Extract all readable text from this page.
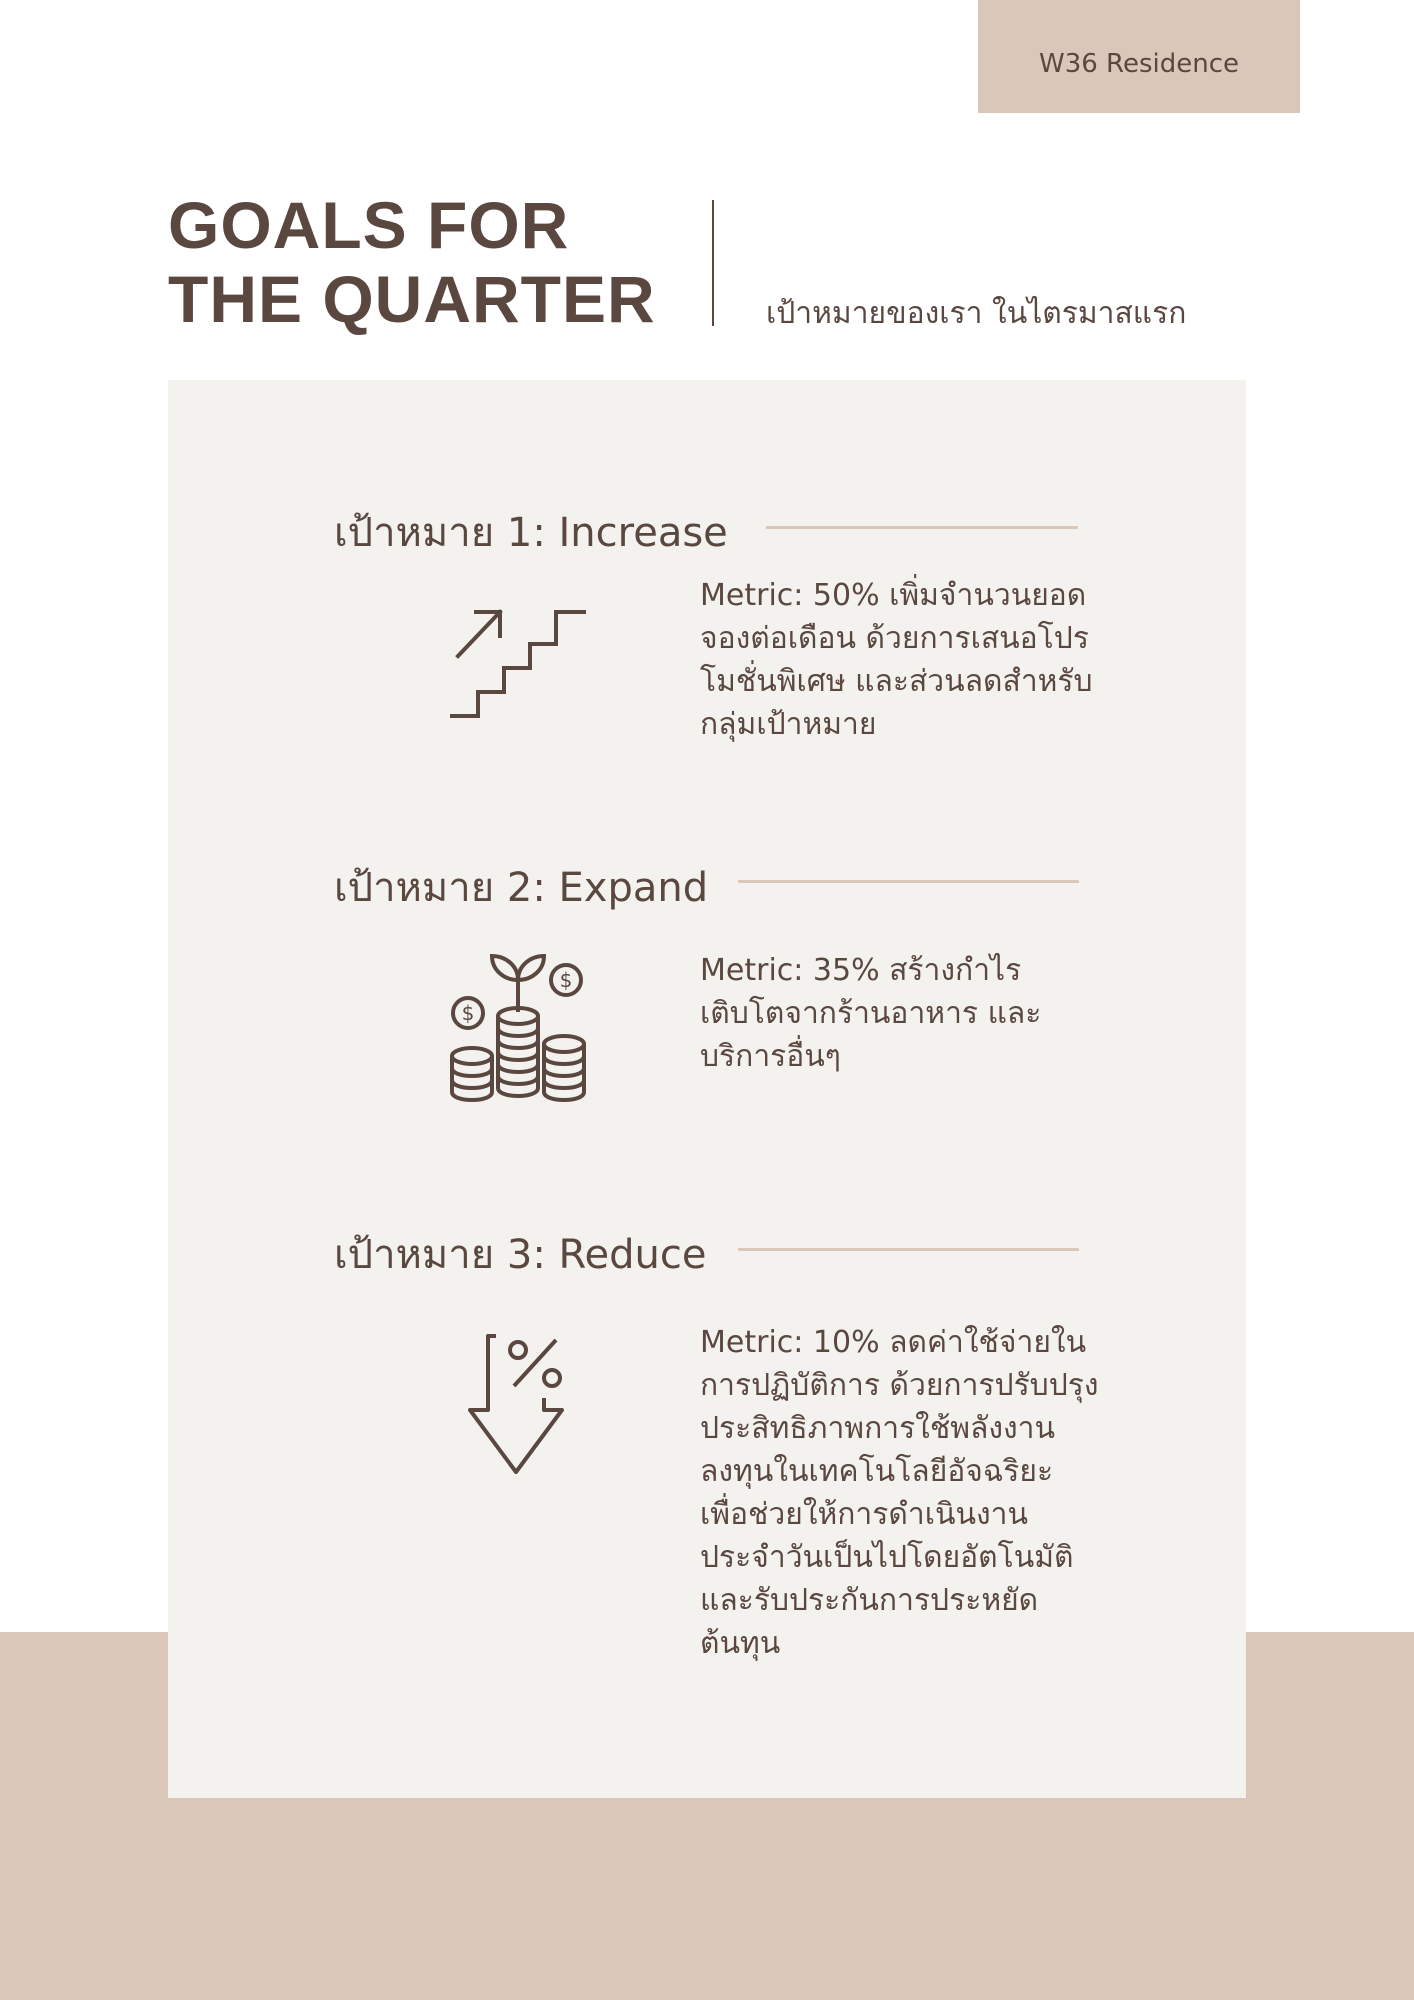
W36 Residence
GOALS FOR
THE QUARTER	เป้าหมายของเรา ในไตรมาสแรก
เป้าหมาย 1: Increase
Metric: 50% เพิ่มจำนวนยอดจองต่อเดือน ด้วยการเสนอโปรโมชั่นพิเศษ และส่วนลดสำหรับกลุ่มเป้าหมาย
เป้าหมาย 2: Expand
$
$
Metric: 35% สร้างกำไรเติบโตจากร้านอาหาร และบริการอื่นๆ
เป้าหมาย 3: Reduce
Metric: 10% ลดค่าใช้จ่ายในการปฏิบัติการ ด้วยการปรับปรุงประสิทธิภาพการใช้พลังงาน ลงทุนในเทคโนโลยีอัจฉริยะเพื่อช่วยให้การดำเนินงานประจำวันเป็นไปโดยอัตโนมัติ และรับประกันการประหยัดต้นทุน
